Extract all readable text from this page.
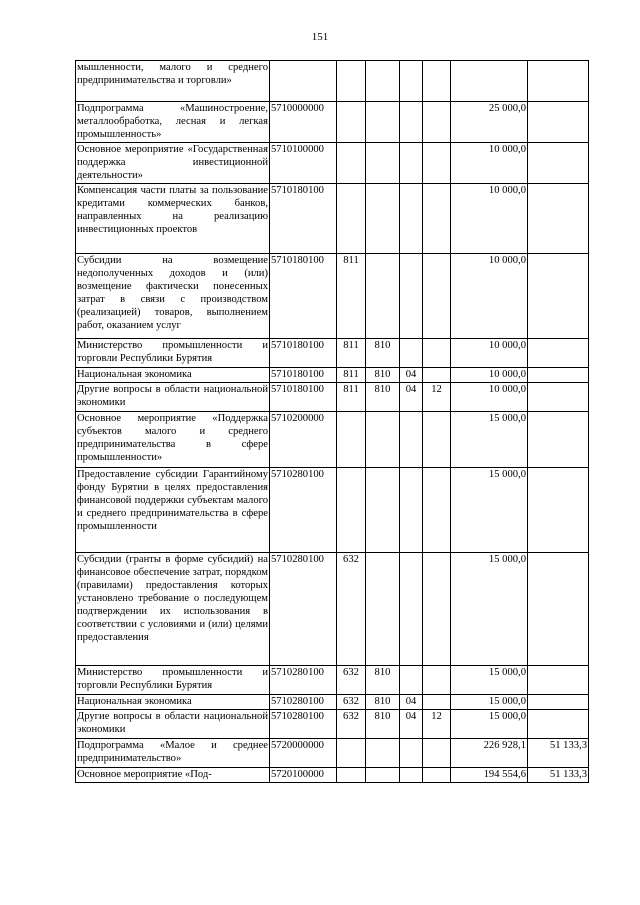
151
мышленности, малого и среднего предпринимательства и торговли»							
Подпрограмма «Машиностроение, металлообработка, лесная и легкая промышленность»	5710000000					25 000,0	
Основное мероприятие «Государственная поддержка инвестиционной деятельности»	5710100000					10 000,0	
Компенсация части платы за пользование кредитами коммерческих банков, направленных на реализацию инвестиционных проектов	5710180100					10 000,0	
Субсидии на возмещение недополученных доходов и (или) возмещение фактически понесенных затрат в связи с производством (реализацией) товаров, выполнением работ, оказанием услуг	5710180100	811				10 000,0	
Министерство промышленности и торговли Республики Бурятия	5710180100	811	810			10 000,0	
Национальная экономика	5710180100	811	810	04		10 000,0	
Другие вопросы в области национальной экономики	5710180100	811	810	04	12	10 000,0	
Основное мероприятие «Поддержка субъектов малого и среднего предпринимательства в сфере промышленности»	5710200000					15 000,0	
Предоставление субсидии Гарантийному фонду Бурятии в целях предоставления финансовой поддержки субъектам малого и среднего предпринимательства в сфере промышленности	5710280100					15 000,0	
Субсидии (гранты в форме субсидий) на финансовое обеспечение затрат, порядком (правилами) предоставления которых установлено требование о последующем подтверждении их использования в соответствии с условиями и (или) целями предоставления	5710280100	632				15 000,0	
Министерство промышленности и торговли Республики Бурятия	5710280100	632	810			15 000,0	
Национальная экономика	5710280100	632	810	04		15 000,0	
Другие вопросы в области национальной экономики	5710280100	632	810	04	12	15 000,0	
Подпрограмма «Малое и среднее предпринимательство»	5720000000					226 928,1	51 133,3
Основное мероприятие «Под-	5720100000					194 554,6	51 133,3
